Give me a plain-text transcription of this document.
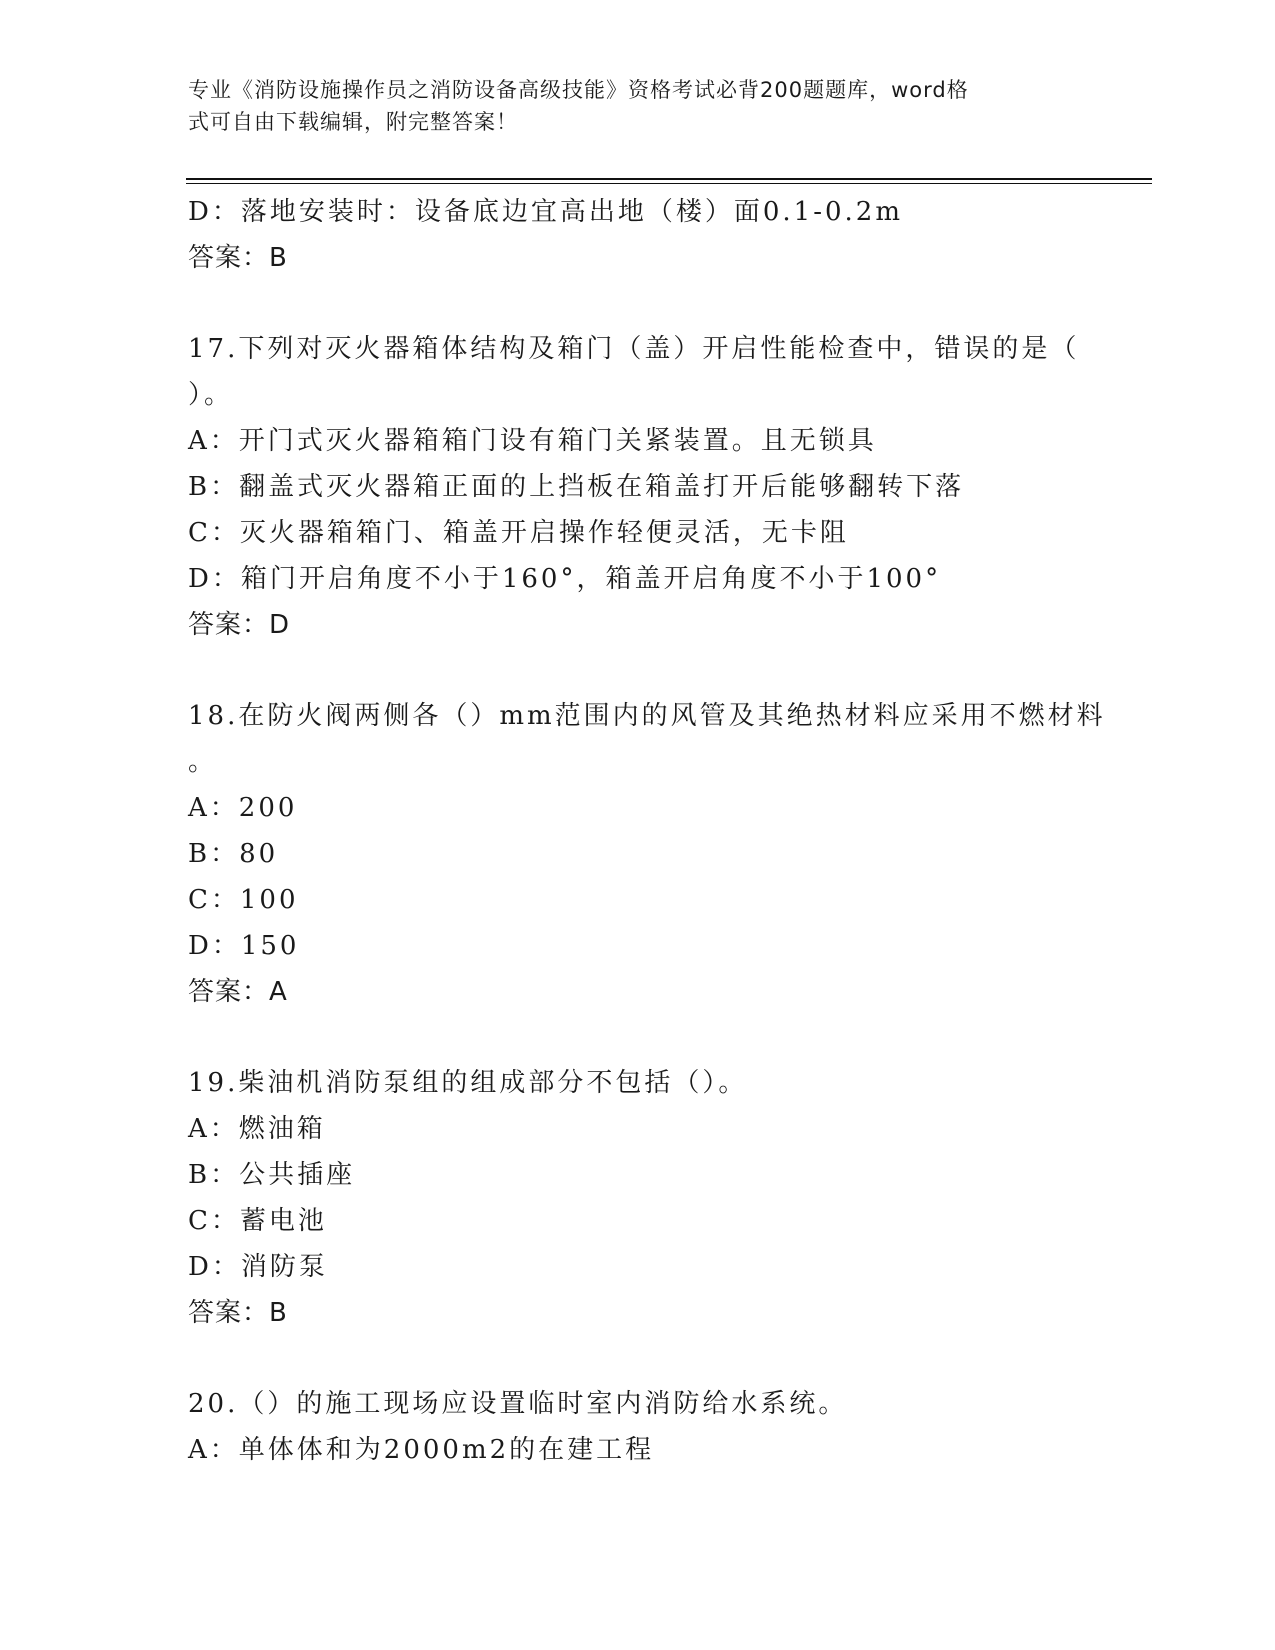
专业《消防设施操作员之消防设备高级技能》资格考试必背200题题库，word格
式可自由下载编辑，附完整答案！
D：落地安装时：设备底边宜高出地（楼）面0.1-0.2m
答案：B
17.下列对灭火器箱体结构及箱门（盖）开启性能检查中，错误的是（
）。
A：开门式灭火器箱箱门设有箱门关紧装置。且无锁具
B：翻盖式灭火器箱正面的上挡板在箱盖打开后能够翻转下落
C：灭火器箱箱门、箱盖开启操作轻便灵活，无卡阻
D：箱门开启角度不小于160°，箱盖开启角度不小于100°
答案：D
18.在防火阀两侧各（）mm范围内的风管及其绝热材料应采用不燃材料
。
A：200
B：80
C：100
D：150
答案：A
19.柴油机消防泵组的组成部分不包括（）。
A：燃油箱
B：公共插座
C：蓄电池
D：消防泵
答案：B
20.（）的施工现场应设置临时室内消防给水系统。
A：单体体和为2000m2的在建工程
